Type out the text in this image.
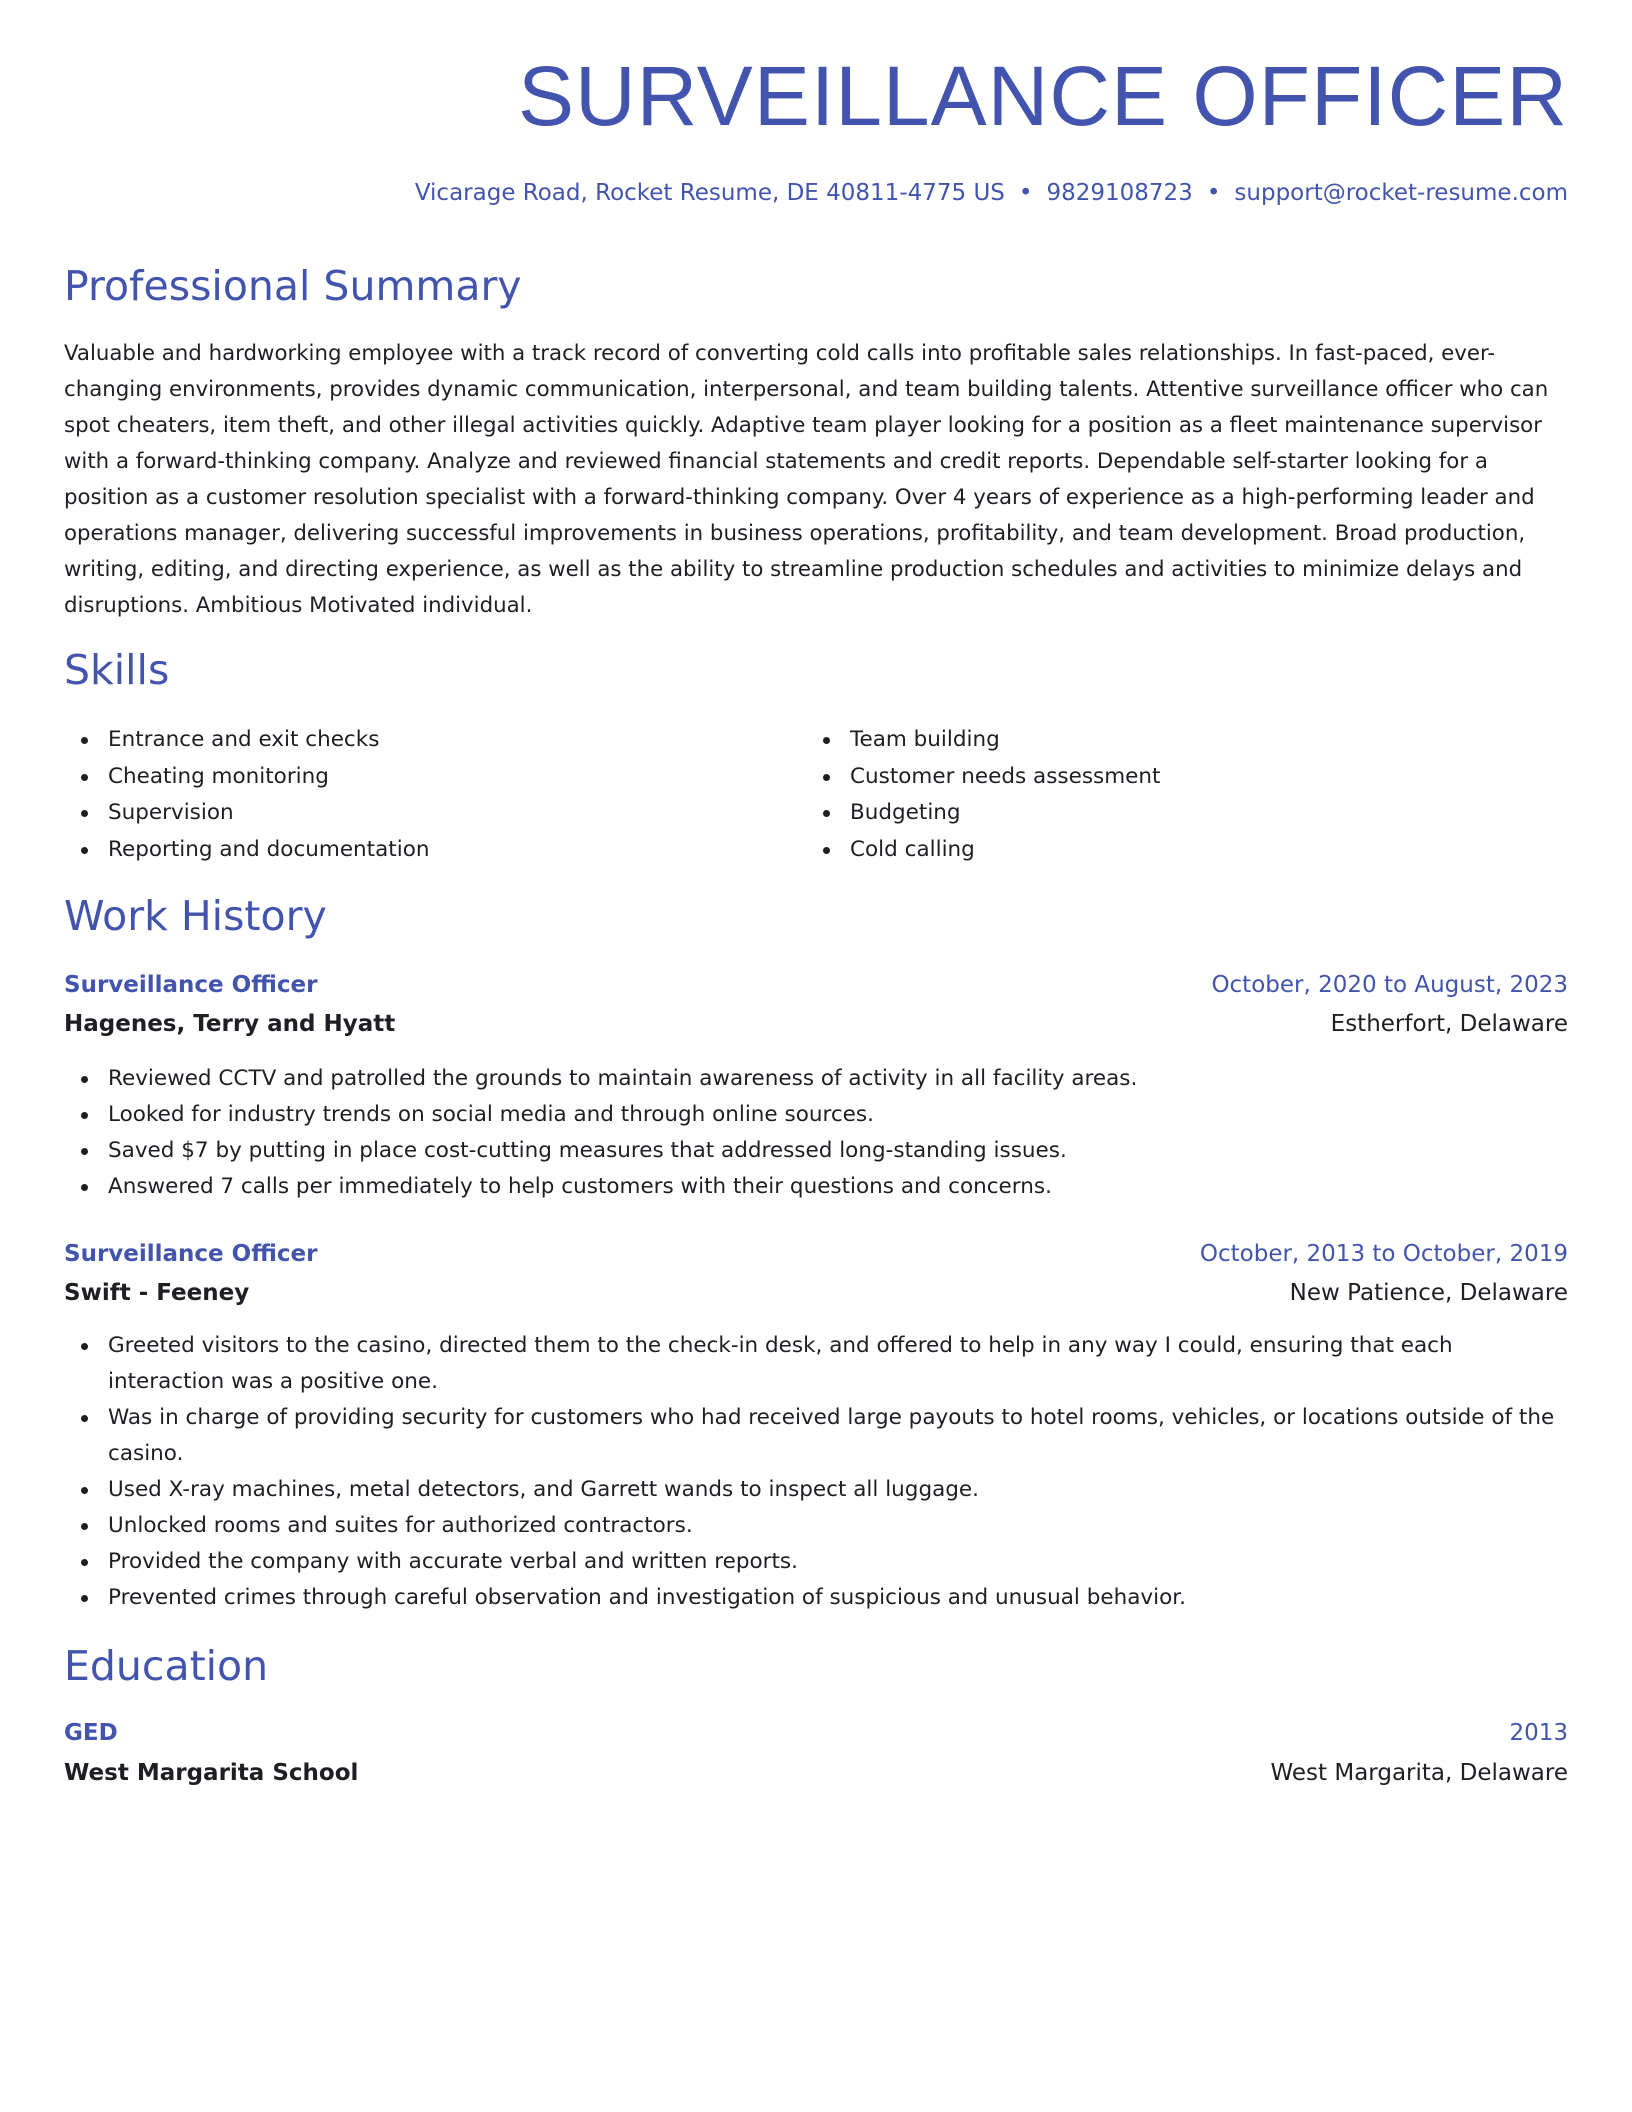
SURVEILLANCE OFFICER
Vicarage Road, Rocket Resume, DE 40811-4775 US • 9829108723 • support@rocket-resume.com
Professional Summary

Valuable and hardworking employee with a track record of converting cold calls into profitable sales relationships. In fast-paced, ever-changing environments, provides dynamic communication, interpersonal, and team building talents. Attentive surveillance officer who can spot cheaters, item theft, and other illegal activities quickly. Adaptive team player looking for a position as a fleet maintenance supervisor with a forward-thinking company. Analyze and reviewed financial statements and credit reports. Dependable self-starter looking for a position as a customer resolution specialist with a forward-thinking company. Over 4 years of experience as a high-performing leader and operations manager, delivering successful improvements in business operations, profitability, and team development. Broad production, writing, editing, and directing experience, as well as the ability to streamline production schedules and activities to minimize delays and disruptions. Ambitious Motivated individual.

Skills
Entrance and exit checks
Cheating monitoring
Supervision
Reporting and documentation
Team building
Customer needs assessment
Budgeting
Cold calling
Work History
Surveillance Officer	October, 2020 to August, 2023
Hagenes, Terry and Hyatt	Estherfort, Delaware
Reviewed CCTV and patrolled the grounds to maintain awareness of activity in all facility areas.
Looked for industry trends on social media and through online sources.
Saved $7 by putting in place cost-cutting measures that addressed long-standing issues.
Answered 7 calls per immediately to help customers with their questions and concerns.
Surveillance Officer	October, 2013 to October, 2019
Swift - Feeney	New Patience, Delaware
Greeted visitors to the casino, directed them to the check-in desk, and offered to help in any way I could, ensuring that each interaction was a positive one.
Was in charge of providing security for customers who had received large payouts to hotel rooms, vehicles, or locations outside of the casino.
Used X-ray machines, metal detectors, and Garrett wands to inspect all luggage.
Unlocked rooms and suites for authorized contractors.
Provided the company with accurate verbal and written reports.
Prevented crimes through careful observation and investigation of suspicious and unusual behavior.
Education
GED	2013
West Margarita School	West Margarita, Delaware
